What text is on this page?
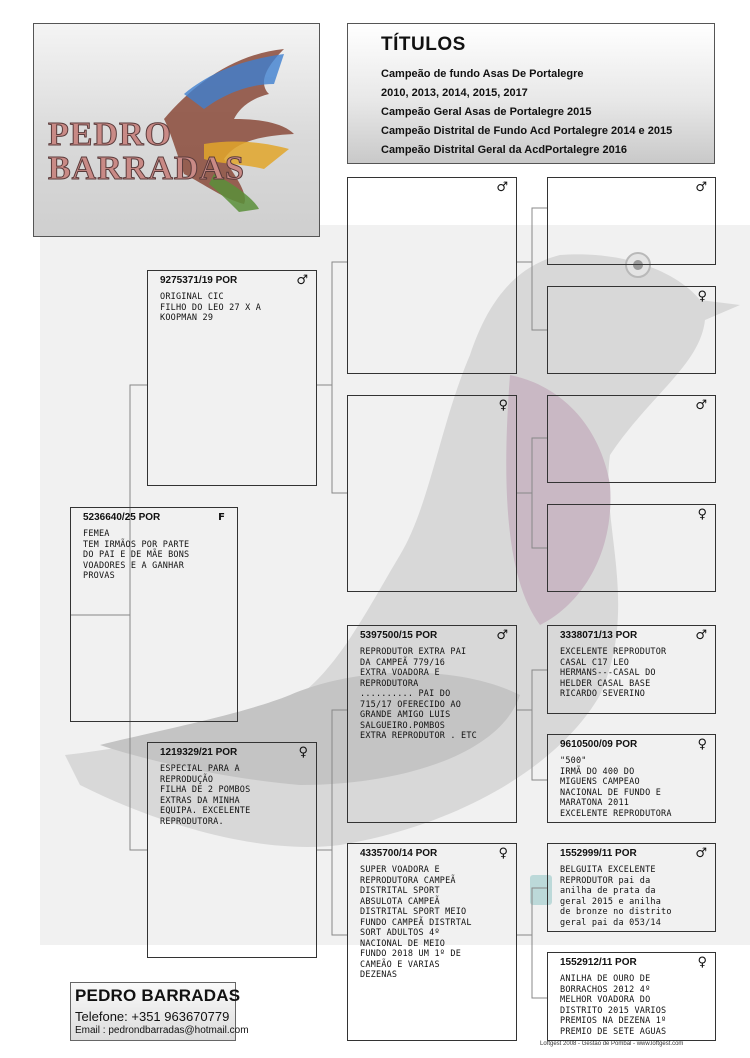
PEDRO
BARRADAS
TÍTULOS
Campeão de fundo Asas De Portalegre
2010, 2013, 2014, 2015, 2017
Campeão Geral Asas de Portalegre 2015
Campeão Distrital de Fundo Acd Portalegre 2014 e 2015
Campeão Distrital Geral da AcdPortalegre 2016
5236640/25 POR	F
FEMEA
TEM IRMÃOS POR PARTE
DO PAI E DE MÃE BONS
VOADORES E A GANHAR
PROVAS
9275371/19 POR	♂
ORIGINAL CIC
FILHO DO LEO 27 X A
KOOPMAN 29
1219329/21 POR	♀
ESPECIAL PARA A
REPRODUÇÃO
FILHA DE 2 POMBOS
EXTRAS DA MINHA
EQUIPA. EXCELENTE
REPRODUTORA.
♂
♀
5397500/15 POR	♂
REPRODUTOR EXTRA PAI
DA CAMPEÃ 779/16
EXTRA VOADORA E
REPRODUTORA
.......... PAI DO
715/17 OFERECIDO AO
GRANDE AMIGO LUIS
SALGUEIRO.POMBOS
EXTRA REPRODUTOR . ETC
4335700/14 POR	♀
SUPER VOADORA E
REPRODUTORA CAMPEÃ
DISTRITAL SPORT
ABSULOTA CAMPEÃ
DISTRITAL SPORT MEIO
FUNDO CAMPEÃ DISTRTAL
SORT ADULTOS 4º
NACIONAL DE MEIO
FUNDO 2018 UM 1º DE
CAMEÃO E VARIAS
DEZENAS
♂
♀
♂
♀
3338071/13 POR	♂
EXCELENTE REPRODUTOR
CASAL C17 LEO
HERMANS---CASAL DO
HELDER CASAL BASE
RICARDO SEVERINO
9610500/09 POR	♀
"500"
IRMÃ DO 400 DO
MIGUENS CAMPEAO
NACIONAL DE FUNDO E
MARATONA 2011
EXCELENTE REPRODUTORA
1552999/11 POR	♂
BELGUITA EXCELENTE
REPRODUTOR pai da
anilha de prata da
geral 2015 e anilha
de bronze no distrito
geral pai da 053/14
1552912/11 POR	♀
ANILHA DE OURO DE
BORRACHOS 2012 4º
MELHOR VOADORA DO
DISTRITO 2015 VARIOS
PREMIOS NA DEZENA 1º
PREMIO DE SETE AGUAS
PEDRO BARRADAS
Telefone: +351 963670779
Email : pedrondbarradas@hotmail.com
Loftgest 2008 - Gestão de Pombal - www.loftgest.com
